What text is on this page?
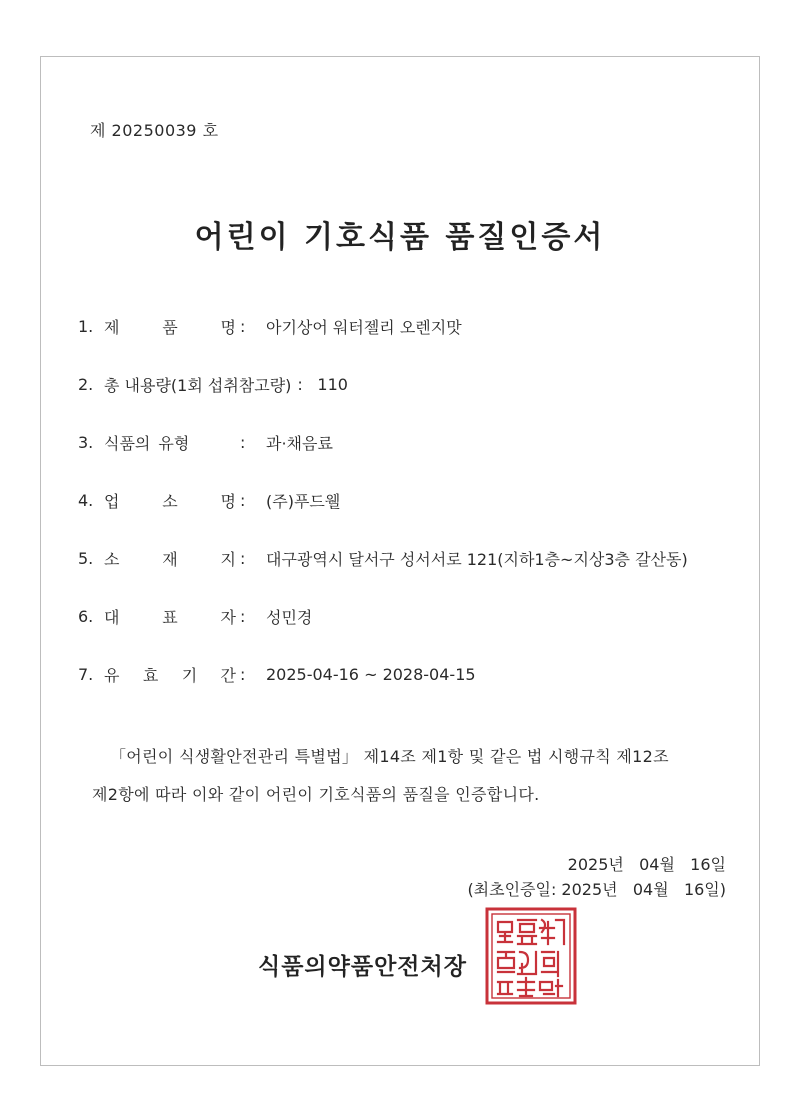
제 20250039 호
어린이 기호식품 품질인증서
1. 제	품	명 :	아기상어 워터젤리 오렌지맛
2. 총 내용량(1회 섭취참고량) : 110
3. 식품의 유형	:	과·채음료
4. 업	소	명 :	(주)푸드웰
5. 소	재	지 :	대구광역시 달서구 성서서로 121(지하1층~지상3층 갈산동)
6. 대	표	자 :	성민경
7. 유 효 기 간 :	2025-04-16 ~ 2028-04-15
「어린이 식생활안전관리 특별법」 제14조 제1항 및 같은 법 시행규칙 제12조
제2항에 따라 이와 같이 어린이 기호식품의 품질을 인증합니다.
2025년   04월   16일
(최초인증일: 2025년   04월   16일)
식품의약품안전처장
